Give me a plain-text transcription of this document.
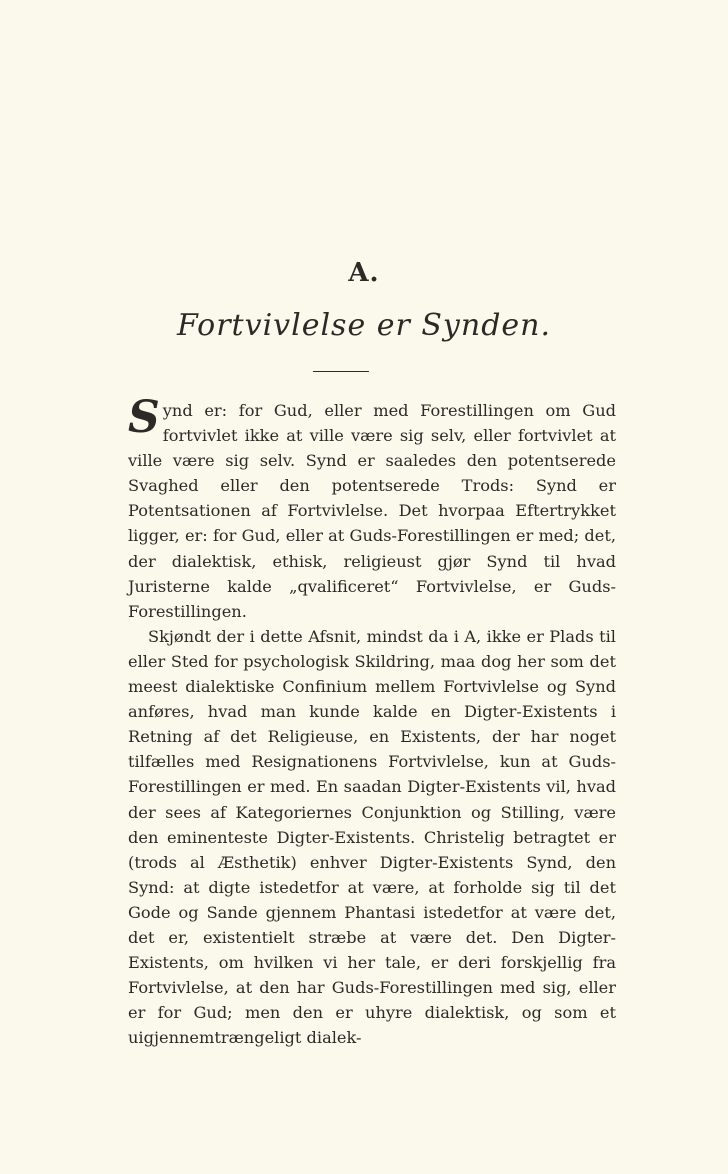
A.
Fortvivlelse er Synden.

Synd er: for Gud, eller med Forestillingen om Gud fortvivlet ikke at ville være sig selv, eller fortvivlet at ville være sig selv. Synd er saaledes den potentserede Svaghed eller den potentserede Trods: Synd er Potentsationen af Fortvivlelse. Det hvorpaa Eftertrykket ligger, er: for Gud, eller at Guds-Forestillingen er med; det, der dialektisk, ethisk, religieust gjør Synd til hvad Juristerne kalde „qvalificeret“ Fortvivlelse, er Guds-Forestillingen.

Skjøndt der i dette Afsnit, mindst da i A, ikke er Plads til eller Sted for psychologisk Skildring, maa dog her som det meest dialektiske Confinium mellem Fortvivlelse og Synd anføres, hvad man kunde kalde en Digter-Existents i Retning af det Religieuse, en Existents, der har noget tilfælles med Resignationens Fortvivlelse, kun at Guds-Forestillingen er med. En saadan Digter-Existents vil, hvad der sees af Kategoriernes Conjunktion og Stilling, være den eminenteste Digter-Existents. Christelig betragtet er (trods al Æsthetik) enhver Digter-Existents Synd, den Synd: at digte istedetfor at være, at forholde sig til det Gode og Sande gjennem Phantasi istedetfor at være det, det er, existentielt stræbe at være det. Den Digter-Existents, om hvilken vi her tale, er deri forskjellig fra Fortvivlelse, at den har Guds-Forestillingen med sig, eller er for Gud; men den er uhyre dialektisk, og som et uigjennemtrængeligt dialek-
